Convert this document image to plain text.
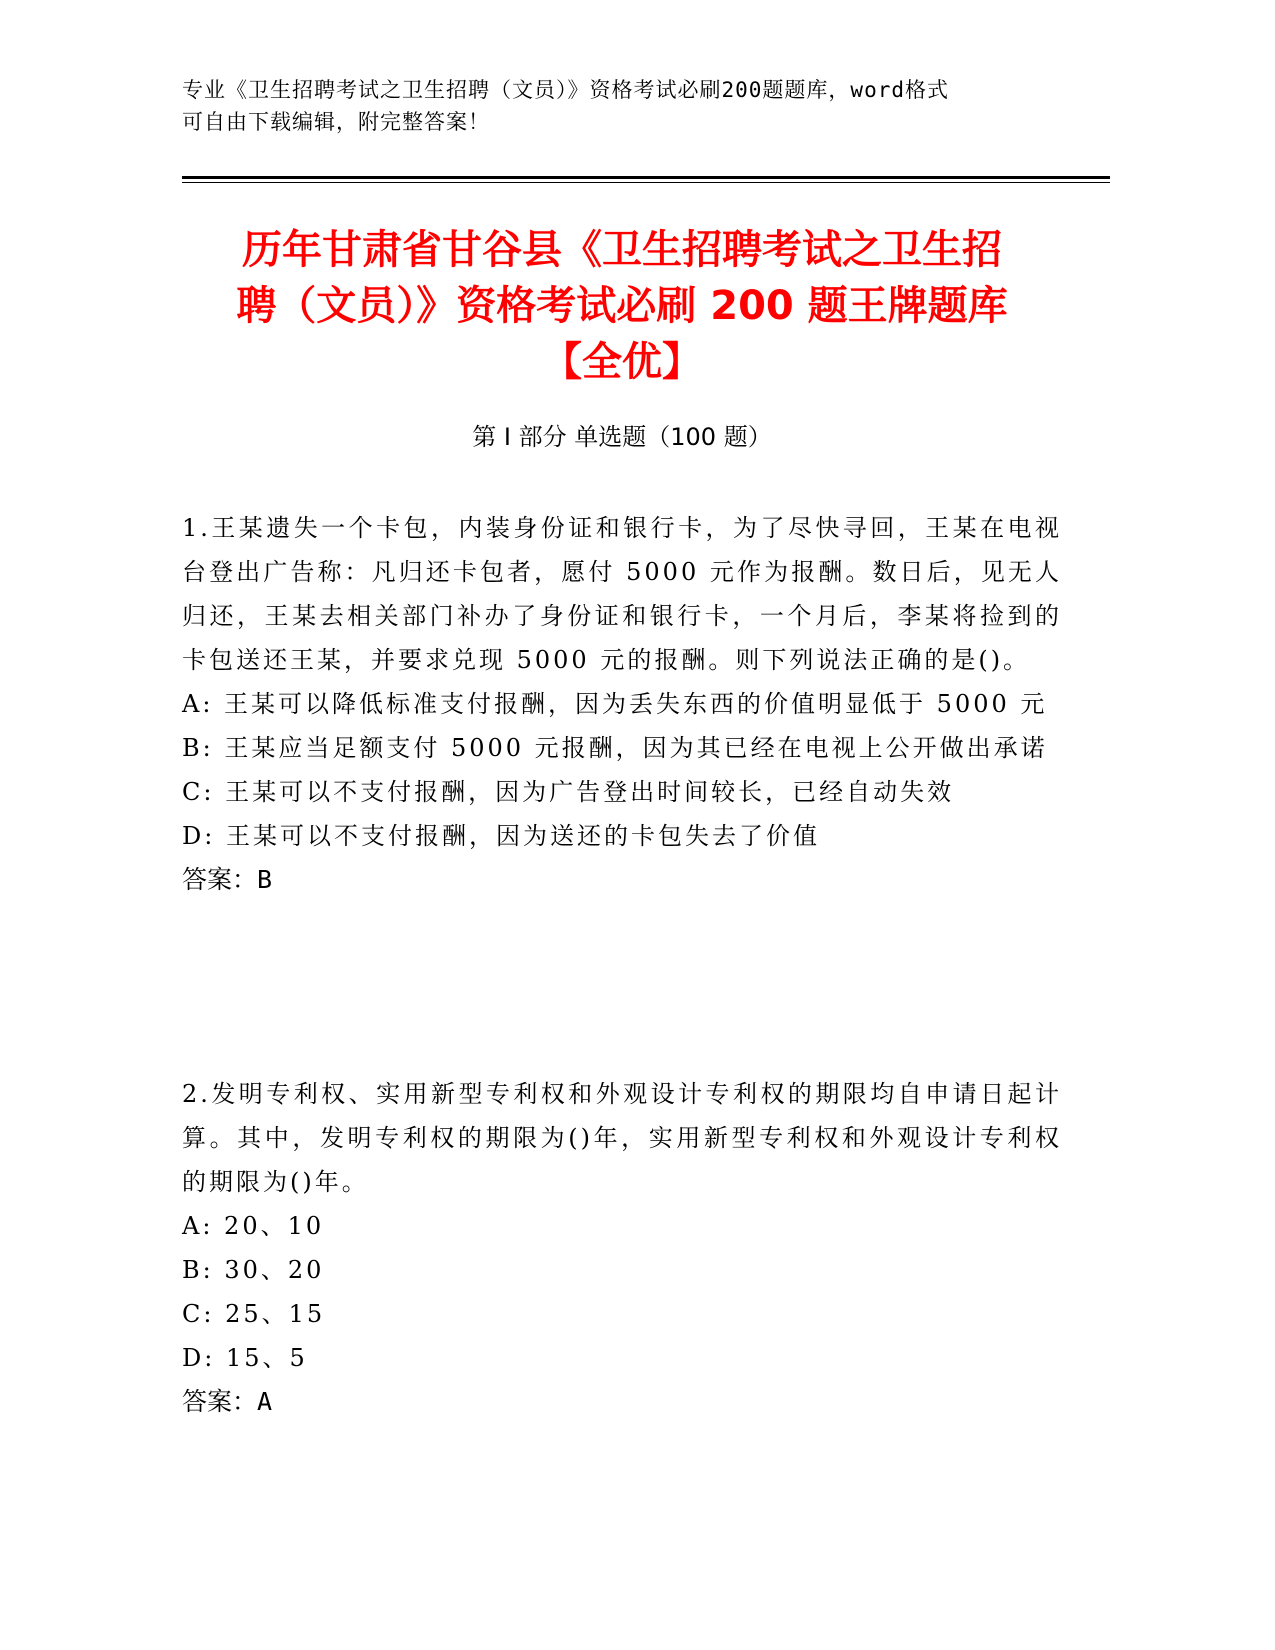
专业《卫生招聘考试之卫生招聘（文员）》资格考试必刷200题题库，word格式
可自由下载编辑，附完整答案！
历年甘肃省甘谷县《卫生招聘考试之卫生招
聘（文员）》资格考试必刷 200 题王牌题库
【全优】
第 I 部分 单选题（100 题）
1.王某遗失一个卡包，内装身份证和银行卡，为了尽快寻回，王某在电视台登出广告称：凡归还卡包者，愿付 5000 元作为报酬。数日后，见无人归还，王某去相关部门补办了身份证和银行卡，一个月后，李某将捡到的卡包送还王某，并要求兑现 5000 元的报酬。则下列说法正确的是()。
A: 王某可以降低标准支付报酬，因为丢失东西的价值明显低于 5000 元
B: 王某应当足额支付 5000 元报酬，因为其已经在电视上公开做出承诺
C: 王某可以不支付报酬，因为广告登出时间较长，已经自动失效
D: 王某可以不支付报酬，因为送还的卡包失去了价值
答案：B
2.发明专利权、实用新型专利权和外观设计专利权的期限均自申请日起计算。其中，发明专利权的期限为()年，实用新型专利权和外观设计专利权的期限为()年。
A: 20、10
B: 30、20
C: 25、15
D: 15、5
答案：A
